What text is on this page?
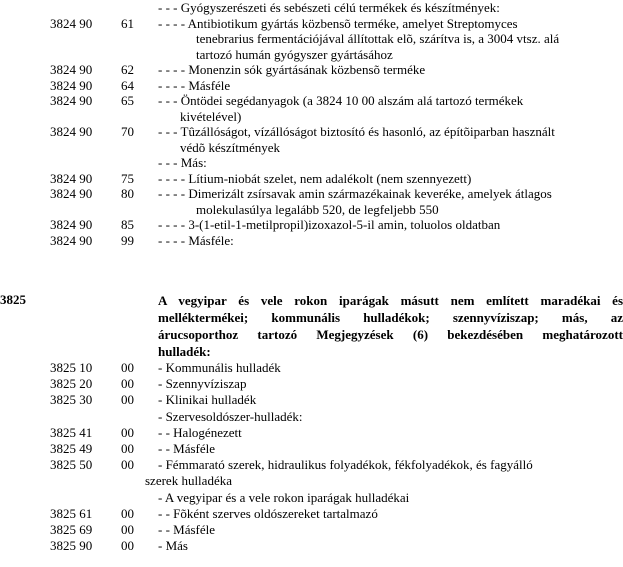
- - - Gyógyszerészeti és sebészeti célú termékek és készítmények:
3824 90 61 - - - - Antibiotikum gyártás közbensõ terméke, amelyet Streptomyces
tenebrarius fermentációjával állítottak elõ, szárítva is, a 3004 vtsz. alá
tartozó humán gyógyszer gyártásához
3824 90 62 - - - - Monenzin sók gyártásának közbensõ terméke
3824 90 64 - - - - Másféle
3824 90 65 - - - Öntödei segédanyagok (a 3824 10 00 alszám alá tartozó termékek
kivételével)
3824 90 70 - - - Tûzállóságot, vízállóságot biztosító és hasonló, az építõiparban használt
védõ készítmények
- - - Más:
3824 90 75 - - - - Lítium-niobát szelet, nem adalékolt (nem szennyezett)
3824 90 80 - - - - Dimerizált zsírsavak amin származékainak keveréke, amelyek átlagos
molekulasúlya legalább 520, de legfeljebb 550
3824 90 85 - - - - 3-(1-etil-1-metilpropil)izoxazol-5-il amin, toluolos oldatban
3824 90 99 - - - - Másféle:
3825	A vegyipar és vele rokon iparágak másutt nem említett maradékai és
melléktermékei; kommunális hulladékok; szennyvíziszap; más, az
árucsoporthoz tartozó Megjegyzések (6) bekezdésében meghatározott
hulladék:
3825 10 00 - Kommunális hulladék
3825 20 00 - Szennyvíziszap
3825 30 00 - Klinikai hulladék
- Szervesoldószer-hulladék:
3825 41 00 - - Halogénezett
3825 49 00 - - Másféle
3825 50 00 - Fémmarató szerek, hidraulikus folyadékok, fékfolyadékok, és fagyálló
szerek hulladéka
- A vegyipar és a vele rokon iparágak hulladékai
3825 61 00 - - Fõként szerves oldószereket tartalmazó
3825 69 00 - - Másféle
3825 90 00 - Más
